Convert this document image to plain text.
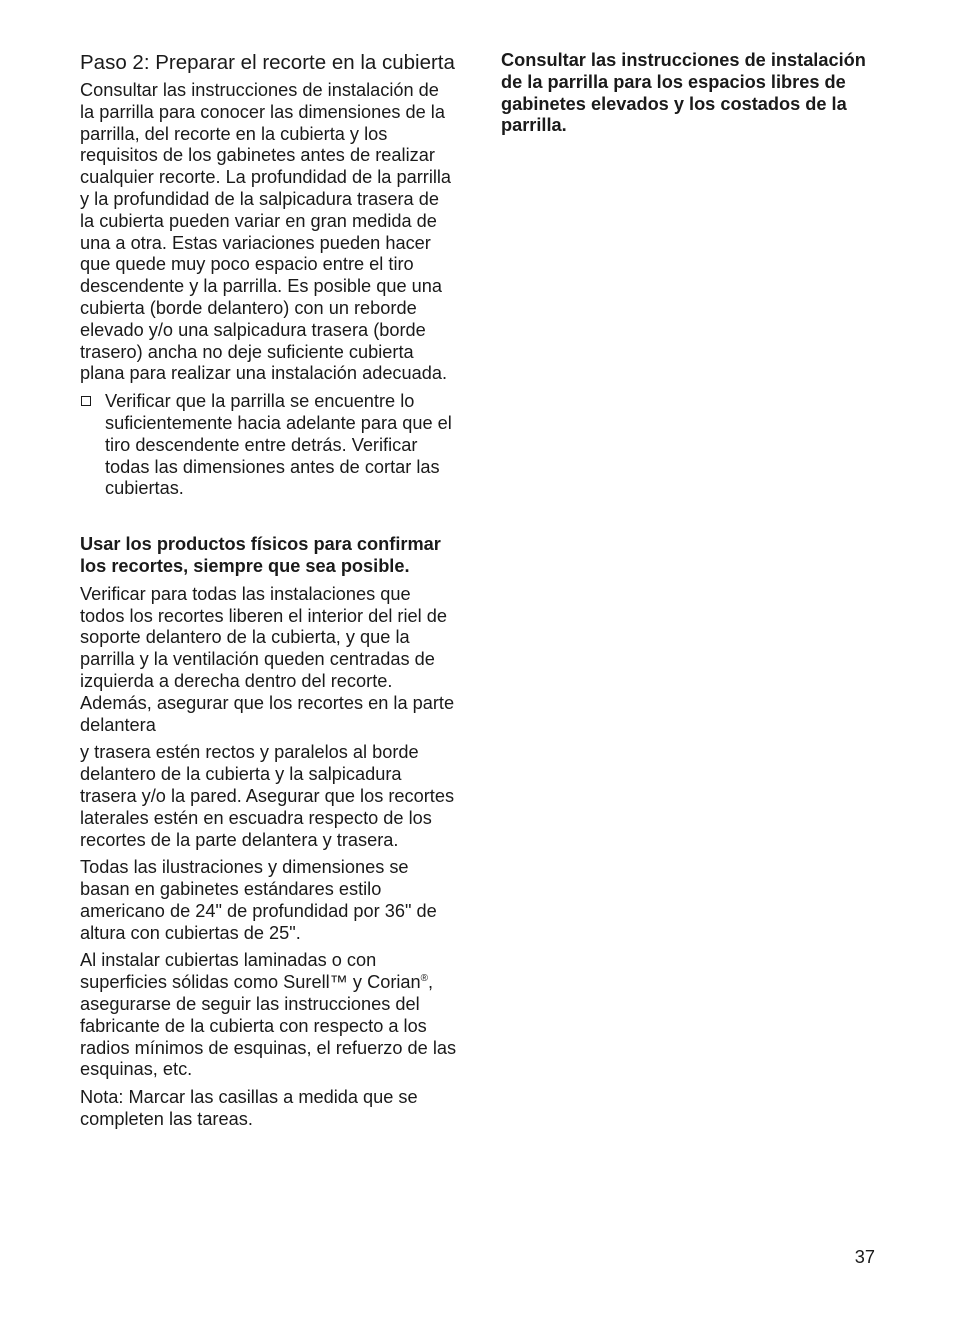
Paso 2: Preparar el recorte en la cubierta

Consultar las instrucciones de instalación de la parrilla para conocer las dimensiones de la parrilla, del recorte en la cubierta y los requisitos de los gabinetes antes de realizar cualquier recorte. La profundidad de la parrilla y la profundidad de la salpicadura trasera de la cubierta pueden variar en gran medida de una a otra. Estas variaciones pueden hacer que quede muy poco espacio entre el tiro descendente y la parrilla. Es posible que una cubierta (borde delantero) con un reborde elevado y/o una salpicadura trasera (borde trasero) ancha no deje suficiente cubierta plana para realizar una instalación adecuada.

Verificar que la parrilla se encuentre lo suficientemente hacia adelante para que el tiro descendente entre detrás. Verificar todas las dimensiones antes de cortar las cubiertas.

Usar los productos físicos para confirmar los recortes, siempre que sea posible.

Verificar para todas las instalaciones que todos los recortes liberen el interior del riel de soporte delantero de la cubierta, y que la parrilla y la ventilación queden centradas de izquierda a derecha dentro del recorte. Además, asegurar que los recortes en la parte delantera

y trasera estén rectos y paralelos al borde delantero de la cubierta y la salpicadura trasera y/o la pared. Asegurar que los recortes laterales estén en escuadra respecto de los recortes de la parte delantera y trasera.

Todas las ilustraciones y dimensiones se basan en gabinetes estándares estilo americano de 24" de profundidad por 36" de altura con cubiertas de 25".

Al instalar cubiertas laminadas o con superficies sólidas como Surell™ y Corian®, asegurarse de seguir las instrucciones del fabricante de la cubierta con respecto a los radios mínimos de esquinas, el refuerzo de las esquinas, etc.

Nota: Marcar las casillas a medida que se completen las tareas.

Consultar las instrucciones de instalación de la parrilla para los espacios libres de gabinetes elevados y los costados de la parrilla.

37
